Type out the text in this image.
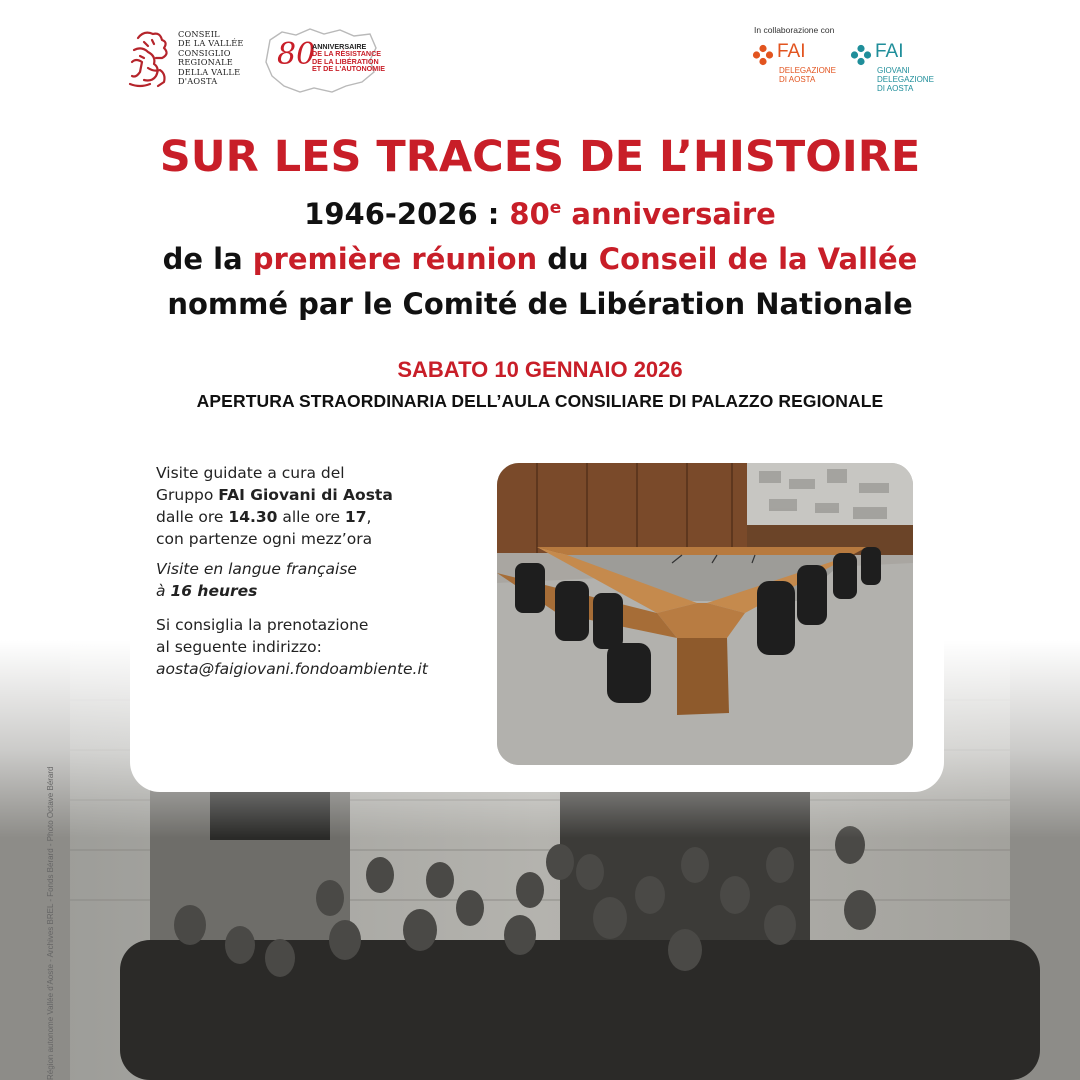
CONSEIL
DE LA VALLÉE
CONSIGLIO
REGIONALE
DELLA VALLE
D'AOSTA
80
ANNIVERSAIRE
DE LA RÉSISTANCE
DE LA LIBÉRATION
ET DE L'AUTONOMIE
In collaborazione con
FAI
DELEGAZIONE
DI AOSTA
FAI
GIOVANI
DELEGAZIONE
DI AOSTA
SUR LES TRACES DE L’HISTOIRE
1946-2026 : 80e anniversaire
de la première réunion du Conseil de la Vallée
nommé par le Comité de Libération Nationale
SABATO 10 GENNAIO 2026
APERTURA STRAORDINARIA DELL’AULA CONSILIARE DI PALAZZO REGIONALE
Région autonome Vallée d’Aoste - Archives BREL - Fonds Bérard - Photo Octave Bérard

Visite guidate a cura del

Gruppo FAI Giovani di Aosta

dalle ore 14.30 alle ore 17,

con partenze ogni mezz’ora

Visite en langue française

à 16 heures

Si consiglia la prenotazione

al seguente indirizzo:

aosta@faigiovani.fondoambiente.it
